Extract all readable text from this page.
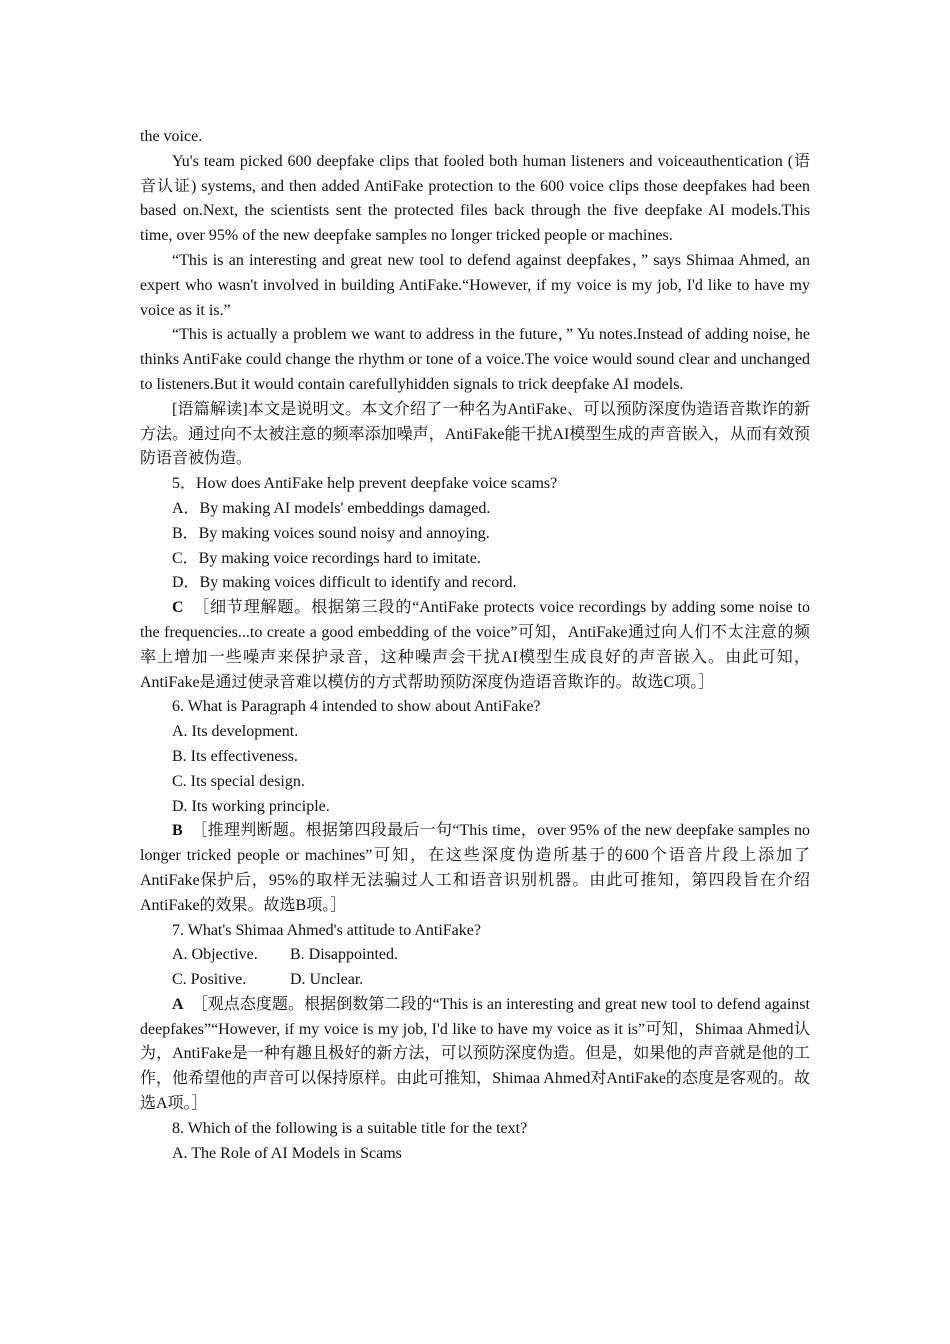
the voice.

Yu's team picked 600 deepfake clips that fooled both human listeners and voiceauthentication (语音认证) systems, and then added AntiFake protection to the 600 voice clips those deepfakes had been based on.Next, the scientists sent the protected files back through the five deepfake AI models.This time, over 95% of the new deepfake samples no longer tricked people or machines.

“This is an interesting and great new tool to defend against deepfakes，” says Shimaa Ahmed, an expert who wasn't involved in building AntiFake.“However, if my voice is my job, I'd like to have my voice as it is.”

“This is actually a problem we want to address in the future，” Yu notes.Instead of adding noise, he thinks AntiFake could change the rhythm or tone of a voice.The voice would sound clear and unchanged to listeners.But it would contain carefullyhidden signals to trick deepfake AI models.

[语篇解读]本文是说明文。本文介绍了一种名为AntiFake、可以预防深度伪造语音欺诈的新方法。通过向不太被注意的频率添加噪声，AntiFake能干扰AI模型生成的声音嵌入，从而有效预防语音被伪造。

5．How does AntiFake help prevent deepfake voice scams?

A．By making AI models' embeddings damaged.

B．By making voices sound noisy and annoying.

C．By making voice recordings hard to imitate.

D．By making voices difficult to identify and record.

C　 ［细节理解题。根据第三段的“AntiFake protects voice recordings by adding some noise to the frequencies...to create a good embedding of the voice”可知，AntiFake通过向人们不太注意的频率上增加一些噪声来保护录音，这种噪声会干扰AI模型生成良好的声音嵌入。由此可知，AntiFake是通过使录音难以模仿的方式帮助预防深度伪造语音欺诈的。故选C项。］

6. What is Paragraph 4 intended to show about AntiFake?

A. Its development.

B. Its effectiveness.

C. Its special design.

D. Its working principle.

B　 ［推理判断题。根据第四段最后一句“This time，over 95% of the new deepfake samples no longer tricked people or machines”可知，在这些深度伪造所基于的600个语音片段上添加了AntiFake保护后，95%的取样无法骗过人工和语音识别机器。由此可推知，第四段旨在介绍AntiFake的效果。故选B项。］

7. What's Shimaa Ahmed's attitude to AntiFake?

A. Objective. B. Disappointed.

C. Positive.	D. Unclear.

A　 ［观点态度题。根据倒数第二段的“This is an interesting and great new tool to defend against deepfakes”“However, if my voice is my job, I'd like to have my voice as it is”可知，Shimaa Ahmed认为，AntiFake是一种有趣且极好的新方法，可以预防深度伪造。但是，如果他的声音就是他的工作，他希望他的声音可以保持原样。由此可推知，Shimaa Ahmed对AntiFake的态度是客观的。故选A项。］

8. Which of the following is a suitable title for the text?

A. The Role of AI Models in Scams
